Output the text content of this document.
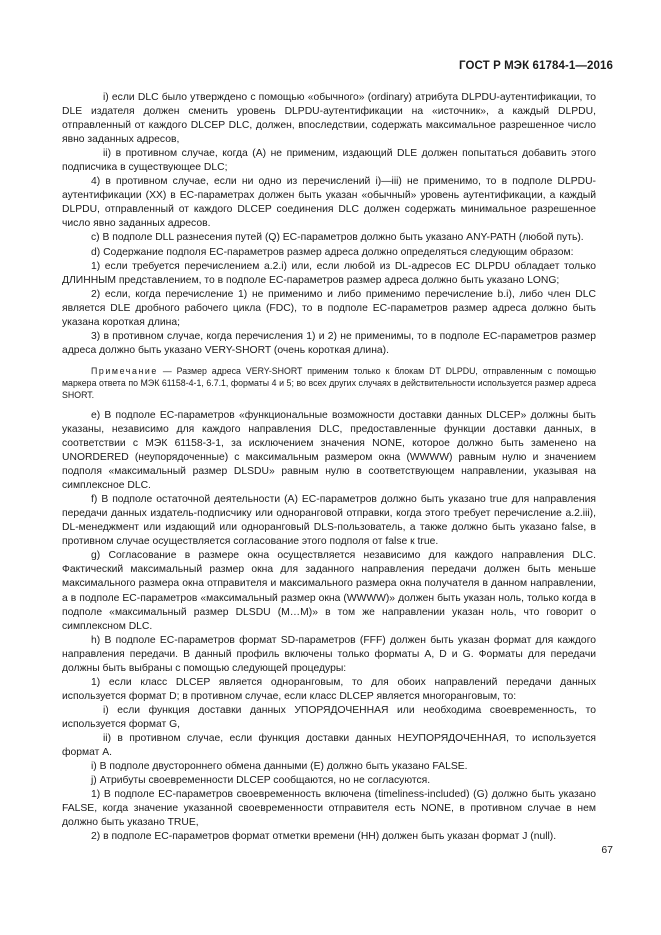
ГОСТ Р МЭК 61784-1—2016

i) если DLC было утверждено с помощью «обычного» (ordinary) атрибута DLPDU-аутентификации, то DLE издателя должен сменить уровень DLPDU-аутентификации на «источник», а каждый DLPDU, отправленный от каждого DLCEP DLC, должен, впоследствии, содержать максимальное разрешенное число явно заданных адресов,

ii) в противном случае, когда (А) не применим, издающий DLE должен попытаться добавить этого подписчика в существующее DLC;

4) в противном случае, если ни одно из перечислений i)—iii) не применимо, то в подполе DLPDU-аутентификации (XX) в ЕС-параметрах должен быть указан «обычный» уровень аутентификации, а каждый DLPDU, отправленный от каждого DLCEP соединения DLC должен содержать минимальное разрешенное число явно заданных адресов.

с) В подполе DLL разнесения путей (Q) ЕС-параметров должно быть указано ANY-PATH (любой путь).

d) Содержание подполя ЕС-параметров размер адреса должно определяться следующим образом:

1) если требуется перечислением а.2.i) или, если любой из DL-адресов ЕС DLPDU обладает только ДЛИННЫМ представлением, то в подполе ЕС-параметров размер адреса должно быть указано LONG;

2) если, когда перечисление 1) не применимо и либо применимо перечисление b.i), либо член DLC является DLE дробного рабочего цикла (FDC), то в подполе ЕС-параметров размер адреса должно быть указана короткая длина;

3) в противном случае, когда перечисления 1) и 2) не применимы, то в подполе ЕС-параметров размер адреса должно быть указано VERY-SHORT (очень короткая длина).

Примечание — Размер адреса VERY-SHORT применим только к блокам DT DLPDU, отправленным с помощью маркера ответа по МЭК 61158-4-1, 6.7.1, форматы 4 и 5; во всех других случаях в действительности используется размер адреса SHORT.

е) В подполе ЕС-параметров «функциональные возможности доставки данных DLCEP» должны быть указаны, независимо для каждого направления DLC, предоставленные функции доставки данных, в соответствии с МЭК 61158-3-1, за исключением значения NONE, которое должно быть заменено на UNORDERED (неупорядоченные) с максимальным размером окна (WWWW) равным нулю и значением подполя «максимальный размер DLSDU» равным нулю в соответствующем направлении, указывая на симплексное DLC.

f) В подполе остаточной деятельности (А) ЕС-параметров должно быть указано true для направления передачи данных издатель-подписчику или одноранговой отправки, когда этого требует перечисление а.2.iii), DL-менеджмент или издающий или одноранговый DLS-пользователь, а также должно быть указано false, в противном случае осуществляется согласование этого подполя от false к true.

g) Согласование в размере окна осуществляется независимо для каждого направления DLC. Фактический максимальный размер окна для заданного направления передачи должен быть меньше максимального размера окна отправителя и максимального размера окна получателя в данном направлении, а в подполе ЕС-параметров «максимальный размер окна (WWWW)» должен быть указан ноль, только когда в подполе «максимальный размер DLSDU (M…M)» в том же направлении указан ноль, что говорит о симплексном DLC.

h) В подполе ЕС-параметров формат SD-параметров (FFF) должен быть указан формат для каждого направления передачи. В данный профиль включены только форматы А, D и G. Форматы для передачи должны быть выбраны с помощью следующей процедуры:

1) если класс DLCEP является одноранговым, то для обоих направлений передачи данных используется формат D; в противном случае, если класс DLCEP является многоранговым, то:

i) если функция доставки данных УПОРЯДОЧЕННАЯ или необходима своевременность, то используется формат G,

ii) в противном случае, если функция доставки данных НЕУПОРЯДОЧЕННАЯ, то используется формат А.

i) В подполе двустороннего обмена данными (Е) должно быть указано FALSE.

j) Атрибуты своевременности DLCEP сообщаются, но не согласуются.

1) В подполе ЕС-параметров своевременность включена (timeliness-included) (G) должно быть указано FALSE, когда значение указанной своевременности отправителя есть NONE, в противном случае в нем должно быть указано TRUE,

2) в подполе ЕС-параметров формат отметки времени (HH) должен быть указан формат J (null).

67
